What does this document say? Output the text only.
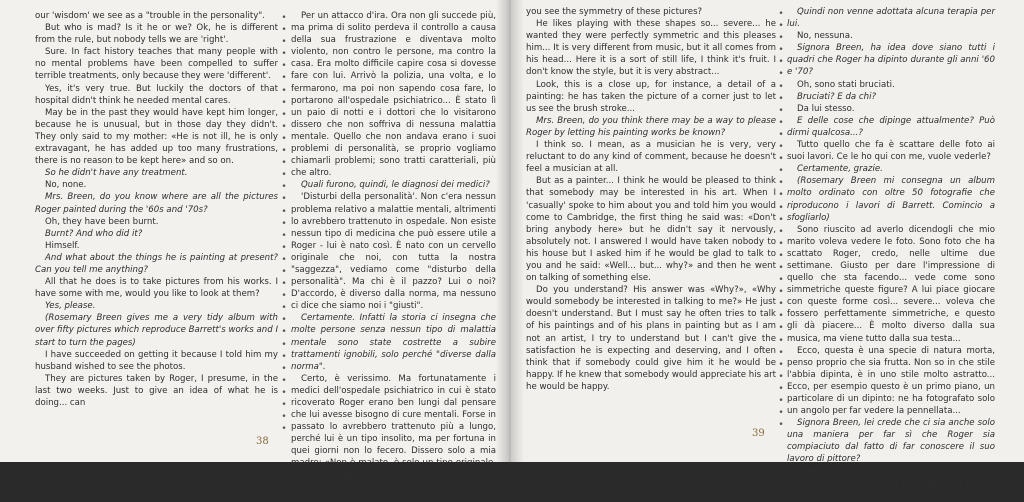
our 'wisdom' we see as a "trouble in the personality".

But who is mad? Is it he or we? Ok, he is different from the rule, but nobody tells we are 'right'.

Sure. In fact history teaches that many people with no mental problems have been compelled to suffer terrible treatments, only because they were 'different'.

Yes, it's very true. But luckily the doctors of that hospital didn't think he needed mental cares.

May be in the past they would have kept him longer, because he is unusual, but in those day they didn't. They only said to my mother: «He is not ill, he is only extravagant, he has added up too many frustrations, there is no reason to be kept here» and so on.

So he didn't have any treatment.

No, none.

Mrs. Breen, do you know where are all the pictures Roger painted during the '60s and '70s?

Oh, they have been burnt.

Burnt? And who did it?

Himself.

And what about the things he is painting at present? Can you tell me anything?

All that he does is to take pictures from his works. I have some with me, would you like to look at them?

Yes, please.

(Rosemary Breen gives me a very tidy album with over fifty pictures which reproduce Barrett's works and I start to turn the pages)

I have succeeded on getting it because I told him my husband wished to see the photos.

They are pictures taken by Roger, I presume, in the last two weeks. Just to give an idea of what he is doing... can

•
•
•
•
•
•
•
•
•
•
•
•
•
•
•
•
•
•
•
•
•
•
•
•
•
•
•
•
•
•
•
•
•
•
•

Per un attacco d'ira. Ora non gli succede più, ma prima di solito perdeva il controllo a causa della sua frustrazione e diventava molto violento, non contro le persone, ma contro la casa. Era molto difficile capire cosa si dovesse fare con lui. Arrivò la polizia, una volta, e lo fermarono, ma poi non sapendo cosa fare, lo portarono all'ospedale psichiatrico... È stato lì un paio di notti e i dottori che lo visitarono dissero che non soffriva di nessuna malattia mentale. Quello che non andava erano i suoi problemi di personalità, se proprio vogliamo chiamarli problemi; sono tratti caratteriali, più che altro.

Quali furono, quindi, le diagnosi dei medici?

'Disturbi della personalità'. Non c'era nessun problema relativo a malattie mentali, altrimenti lo avrebbero trattenuto in ospedale. Non esiste nessun tipo di medicina che può essere utile a Roger - lui è nato così. È nato con un cervello originale che noi, con tutta la nostra "saggezza", vediamo come "disturbo della personalità". Ma chi è il pazzo? Lui o noi? D'accordo, è diverso dalla norma, ma nessuno ci dice che siamo noi i "giusti".

Certamente. Infatti la storia ci insegna che molte persone senza nessun tipo di malattia mentale sono state costrette a subire trattamenti ignobili, solo perché "diverse dalla norma".

Certo, è verissimo. Ma fortunatamente i medici dell'ospedale psichiatrico in cui è stato ricoverato Roger erano ben lungi dal pensare che lui avesse bisogno di cure mentali. Forse in passato lo avrebbero trattenuto più a lungo, perché lui è un tipo insolito, ma per fortuna in quei giorni non lo fecero. Dissero solo a mia madre: «Non è malato, è solo un tipo originale, ha accumulato troppe frustrazioni, non c'è alcun motivo che resti rinchiuso qui» e così via.

38

you see the symmetry of these pictures?

He likes playing with these shapes so... severe... he wanted they were perfectly symmetric and this pleases him... It is very different from music, but it all comes from his head... Here it is a sort of still life, I think it's fruit. I don't know the style, but it is very abstract...

Look, this is a close up, for instance, a detail of a painting: he has taken the picture of a corner just to let us see the brush stroke...

Mrs. Breen, do you think there may be a way to please Roger by letting his painting works be known?

I think so. I mean, as a musician he is very, very reluctant to do any kind of comment, because he doesn't feel a musician at all.

But as a painter... I think he would be pleased to think that somebody may be interested in his art. When I 'casually' spoke to him about you and told him you would come to Cambridge, the first thing he said was: «Don't bring anybody here» but he didn't say it nervously, absolutely not. I answered I would have taken nobody to his house but I asked him if he would be glad to talk to you and he said: «Well... but... why?» and then he went on talking of something else.

Do you understand? His answer was «Why?», «Why would somebody be interested in talking to me?» He just doesn't understand. But I must say he often tries to talk of his paintings and of his plans in painting but as I am not an artist, I try to understand but I can't give the satisfaction he is expecting and deserving, and I often think that if somebody could give him it he would be happy. If he knew that somebody would appreciate his art he would be happy.

•
•
•
•
•
•
•
•
•
•
•
•
•
•
•
•
•
•
•
•
•
•
•
•
•
•
•
•
•
•
•
•
•
•
•

Quindi non venne adottata alcuna terapia per lui.

No, nessuna.

Signora Breen, ha idea dove siano tutti i quadri che Roger ha dipinto durante gli anni '60 e '70?

Oh, sono stati bruciati.

Bruciati? E da chi?

Da lui stesso.

E delle cose che dipinge attualmente? Può dirmi qualcosa...?

Tutto quello che fa è scattare delle foto ai suoi lavori. Ce le ho qui con me, vuole vederle?

Certamente, grazie.

(Rosemary Breen mi consegna un album molto ordinato con oltre 50 fotografie che riproducono i lavori di Barrett. Comincio a sfogliarlo)

Sono riuscito ad averlo dicendogli che mio marito voleva vedere le foto. Sono foto che ha scattato Roger, credo, nelle ultime due settimane. Giusto per dare l'impressione di quello che sta facendo... vede come sono simmetriche queste figure? A lui piace giocare con queste forme così... severe... voleva che fossero perfettamente simmetriche, e questo gli dà piacere... È molto diverso dalla sua musica, ma viene tutto dalla sua testa...

Ecco, questa è una specie di natura morta, penso proprio che sia frutta. Non so in che stile l'abbia dipinta, è in uno stile molto astratto... Ecco, per esempio questo è un primo piano, un particolare di un dipinto: ne ha fotografato solo un angolo per far vedere la pennellata...

Signora Breen, lei crede che ci sia anche solo una maniera per far sì che Roger sia compiaciuto dal fatto di far conoscere il suo lavoro di pittore?

Credo di sì. Voglio dire, come musicista è molto, molto riluttante a fare qualsiasi tipo di commento, perché lui

39
